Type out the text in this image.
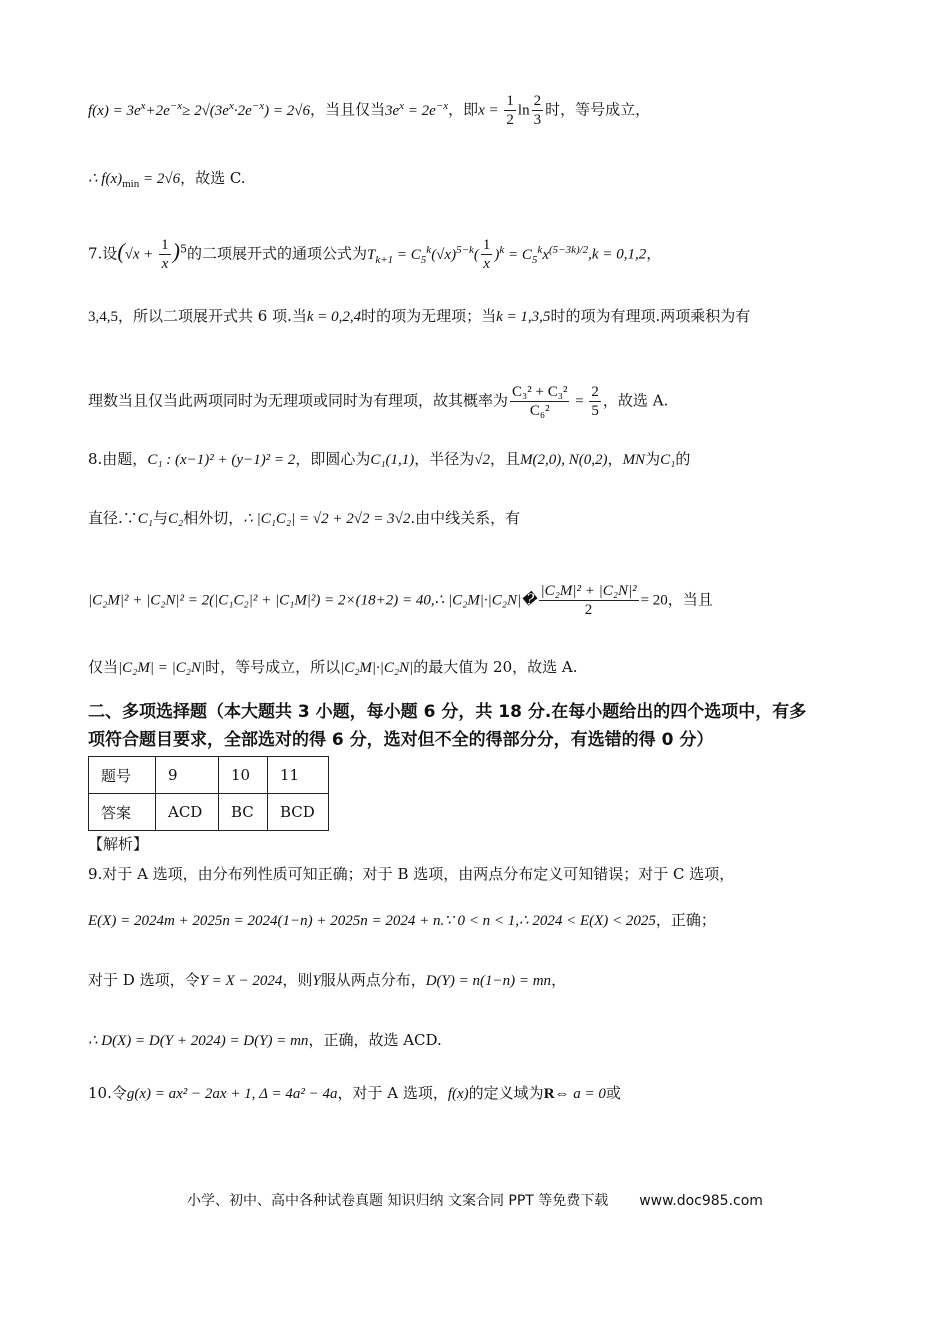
$f(x) = 3e^x+2e^{-x}\ge 2√(3e^x\cdot 2e^{-x}) = 2√6$，当且仅当$3e^x = 2e^{-x}$，即$x = \frac{1}{2}$ $\ln \frac{2}{3}$ 时，等号成立，
∴ $f(x)_{min} = 2√6$，故选 C.
7.设$(√x + \frac{1}{x} )^5$的二项展开式的通项公式为$T_{k+1} = C_5^k(√x)^{5-k}( \frac{1}{x} )^k = C_5^kx^{(5-3k)/2},k = 0,1,2$，
3,4,5，所以二项展开式共 6 项.当k = 0,2,4时的项为无理项；当k = 1,3,5时的项为有理项.两项乘积为有
理数当且仅当此两项同时为无理项或同时为有理项，故其概率为 $\frac{\text{C₃² + C₃²}}{\text{C₆²}} = \frac{2}{5}$ ，故选 A.
8.由题，C₁ : (x−1)² + (y−1)² = 2，即圆心为C₁(1,1)，半径为√2，且M(2,0), N(0,2)，MN为C₁的
直径.∵C₁与C₂相外切，∴ |C₁C₂| = √2 + 2√2 = 3√2.由中线关系，有
|C₂M|² + |C₂N|² = 2(|C₁C₂|² + |C₁M|²) = 2×(18+2) = 40,∴ |C₂M|·|C₂N|� $\frac{\text{|C₂M|² + |C₂N|²}}{2} = 20$，当且
仅当|C₂M| = |C₂N|时，等号成立，所以|C₂M|·|C₂N|的最大值为 20，故选 A.
二、多项选择题（本大题共 3 小题，每小题 6 分，共 18 分.在每小题给出的四个选项中，有多
项符合题目要求，全部选对的得 6 分，选对但不全的得部分分，有选错的得 0 分）
题号	9	10	11
答案	ACD	BC	BCD
【解析】
9.对于 A 选项，由分布列性质可知正确；对于 B 选项，由两点分布定义可知错误；对于 C 选项，
E(X) = 2024m + 2025n = 2024(1−n) + 2025n = 2024 + n.∵ 0 < n < 1,∴ 2024 < E(X) < 2025，正确；
对于 D 选项，令Y = X − 2024，则Y服从两点分布，D(Y) = n(1−n) = mn，
∴ D(X) = D(Y + 2024) = D(Y) = mn，正确，故选 ACD.
10.令g(x) = ax² − 2ax + 1, Δ = 4a² − 4a，对于 A 选项，f(x)的定义域为R⇔ a = 0或
小学、初中、高中各种试卷真题 知识归纳 文案合同 PPT 等免费下载 www.doc985.com
